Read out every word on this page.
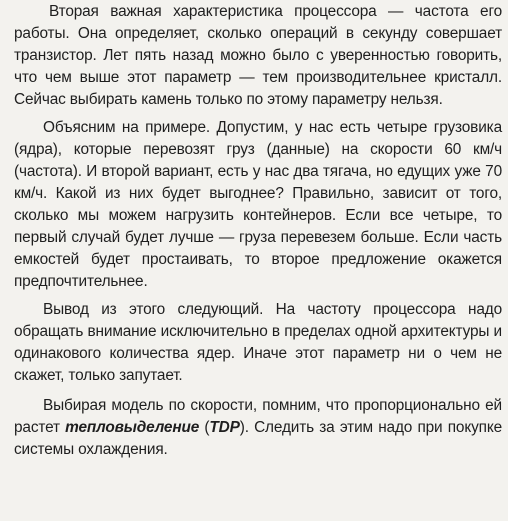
Вторая важная характеристика процессора — частота его работы. Она определяет, сколько операций в секунду совершает транзистор. Лет пять назад можно было с уверенностью говорить, что чем выше этот параметр — тем производительнее кристалл. Сейчас выбирать камень только по этому параметру нельзя.

Объясним на примере. Допустим, у нас есть четыре грузовика (ядра), которые перевозят груз (данные) на скорости 60 км/ч (частота). И второй вариант, есть у нас два тягача, но едущих уже 70 км/ч. Какой из них будет выгоднее? Правильно, зависит от того, сколько мы можем нагрузить контейнеров. Если все четыре, то первый случай будет лучше — груза перевезем больше. Если часть емкостей будет простаивать, то второе предложение окажется предпочтительнее.

Вывод из этого следующий. На частоту процессора надо обращать внимание исключительно в пределах одной архитектуры и одинакового количества ядер. Иначе этот параметр ни о чем не скажет, только запутает.

Выбирая модель по скорости, помним, что пропорционально ей растет тепловыделение (TDP). Следить за этим надо при покупке системы охлаждения.
